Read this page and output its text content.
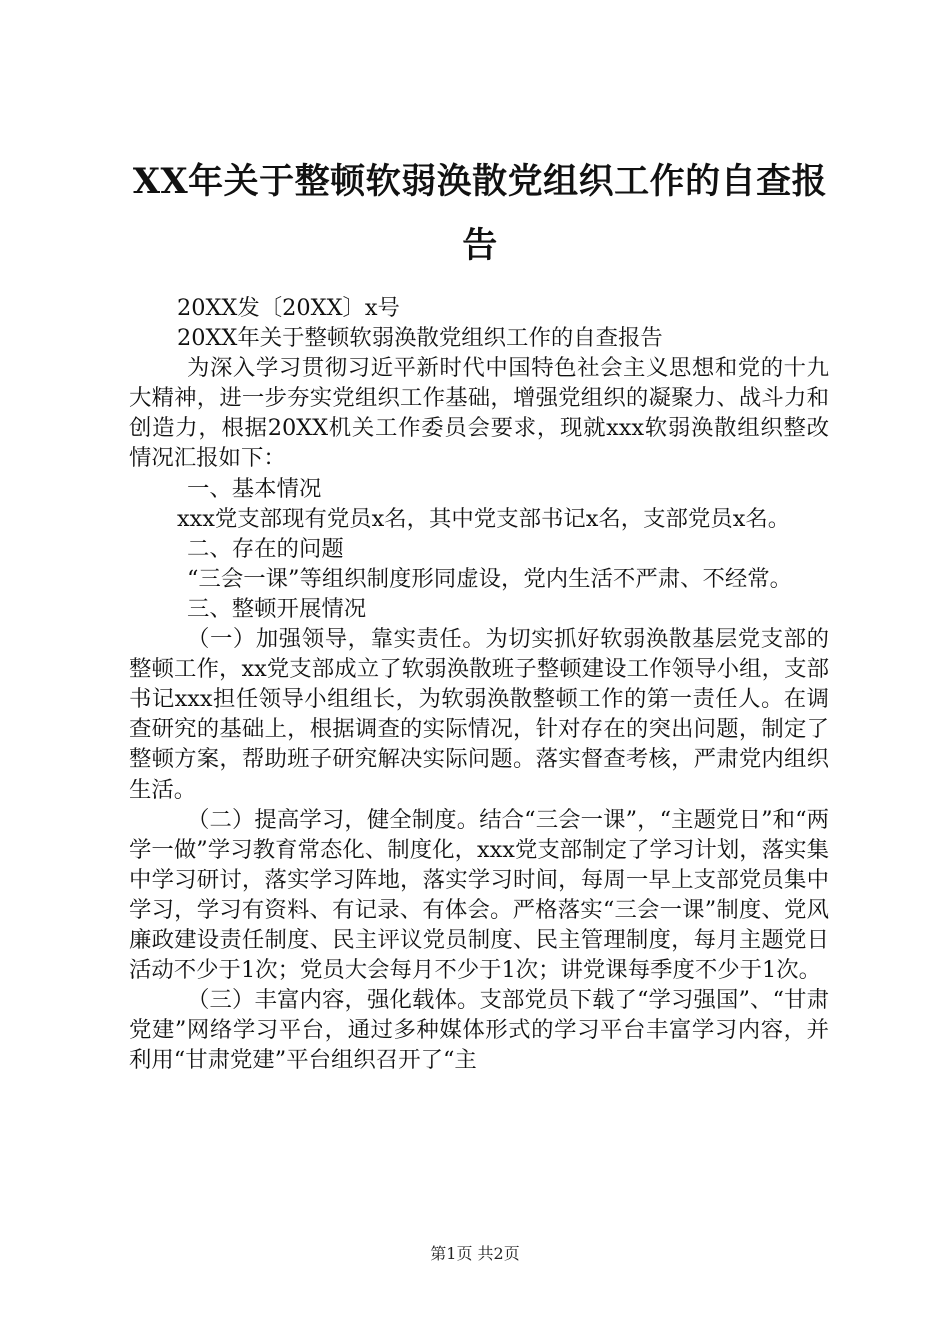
XX年关于整顿软弱涣散党组织工作的自查报告

20XX发〔20XX〕x号

20XX年关于整顿软弱涣散党组织工作的自查报告

为深入学习贯彻习近平新时代中国特色社会主义思想和党的十九大精神，进一步夯实党组织工作基础，增强党组织的凝聚力、战斗力和创造力，根据20XX机关工作委员会要求，现就xxx软弱涣散组织整改情况汇报如下：

一、基本情况

xxx党支部现有党员x名，其中党支部书记x名，支部党员x名。

二、存在的问题

“三会一课”等组织制度形同虚设，党内生活不严肃、不经常。

三、整顿开展情况

（一）加强领导，靠实责任。为切实抓好软弱涣散基层党支部的整顿工作，xx党支部成立了软弱涣散班子整顿建设工作领导小组，支部书记xxx担任领导小组组长，为软弱涣散整顿工作的第一责任人。在调查研究的基础上，根据调查的实际情况，针对存在的突出问题，制定了整顿方案，帮助班子研究解决实际问题。落实督查考核，严肃党内组织生活。

（二）提高学习，健全制度。结合“三会一课”，“主题党日”和“两学一做”学习教育常态化、制度化，xxx党支部制定了学习计划，落实集中学习研讨，落实学习阵地，落实学习时间，每周一早上支部党员集中学习，学习有资料、有记录、有体会。严格落实“三会一课”制度、党风廉政建设责任制度、民主评议党员制度、民主管理制度，每月主题党日活动不少于1次；党员大会每月不少于1次；讲党课每季度不少于1次。

（三）丰富内容，强化载体。支部党员下载了“学习强国”、“甘肃党建”网络学习平台，通过多种媒体形式的学习平台丰富学习内容，并利用“甘肃党建”平台组织召开了“主

第1页 共2页
